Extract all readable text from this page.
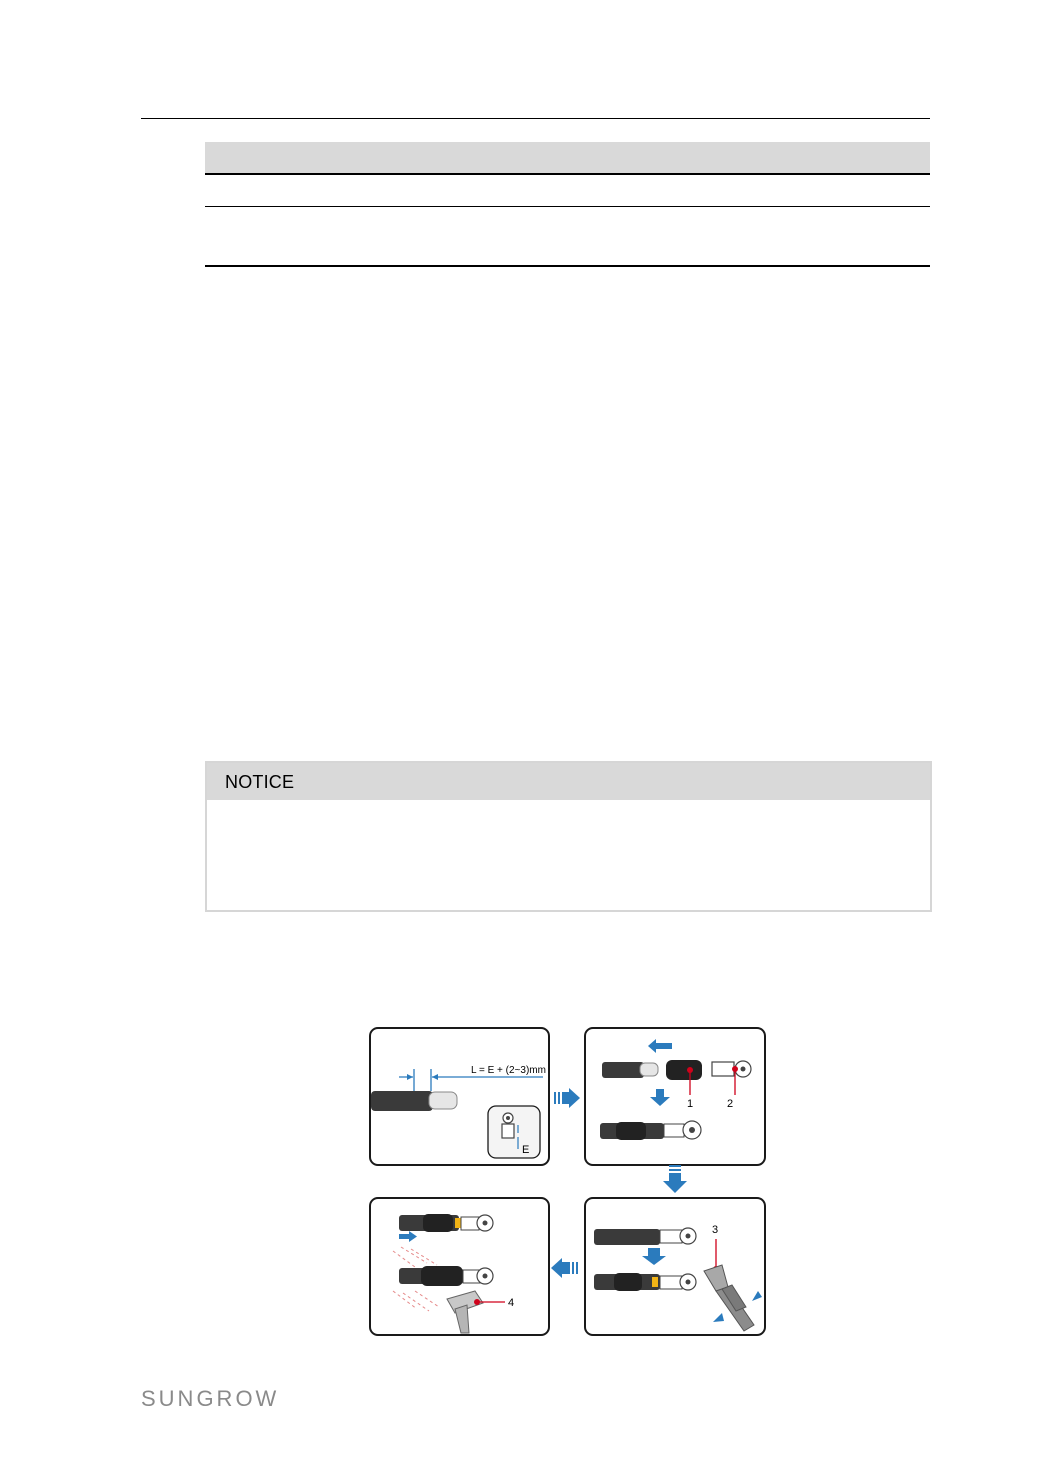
NOTICE
L = E + (2~3)mm
E
1	2
3
4
SUNGROW
